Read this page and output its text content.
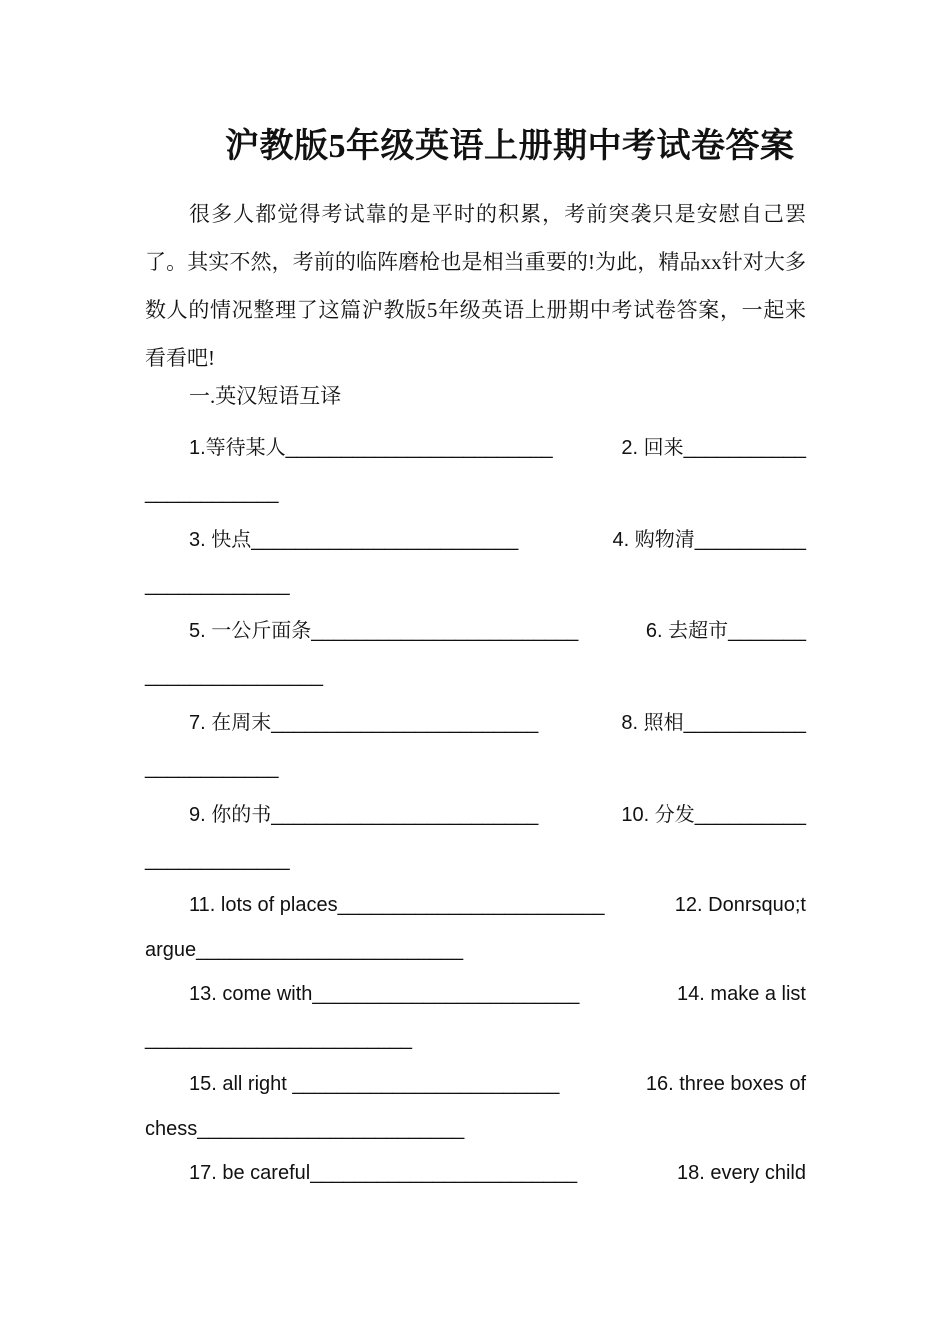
沪教版5年级英语上册期中考试卷答案
很多人都觉得考试靠的是平时的积累，考前突袭只是安慰自己罢了。其实不然，考前的临阵磨枪也是相当重要的!为此，精品xx针对大多数人的情况整理了这篇沪教版5年级英语上册期中考试卷答案，一起来看看吧!
一.英汉短语互译
1.等待某人________________________	2. 回来___________
____________
3. 快点________________________	4. 购物清__________
_____________
5. 一公斤面条________________________	6. 去超市_______
________________
7. 在周末________________________	8. 照相___________
____________
9. 你的书________________________	10. 分发__________
_____________
11. lots of places________________________	12. Donrsquo;t
argue________________________
13. come with________________________	14. make a list
________________________
15. all right ________________________	16. three boxes of
chess________________________
17. be careful________________________	18. every child
